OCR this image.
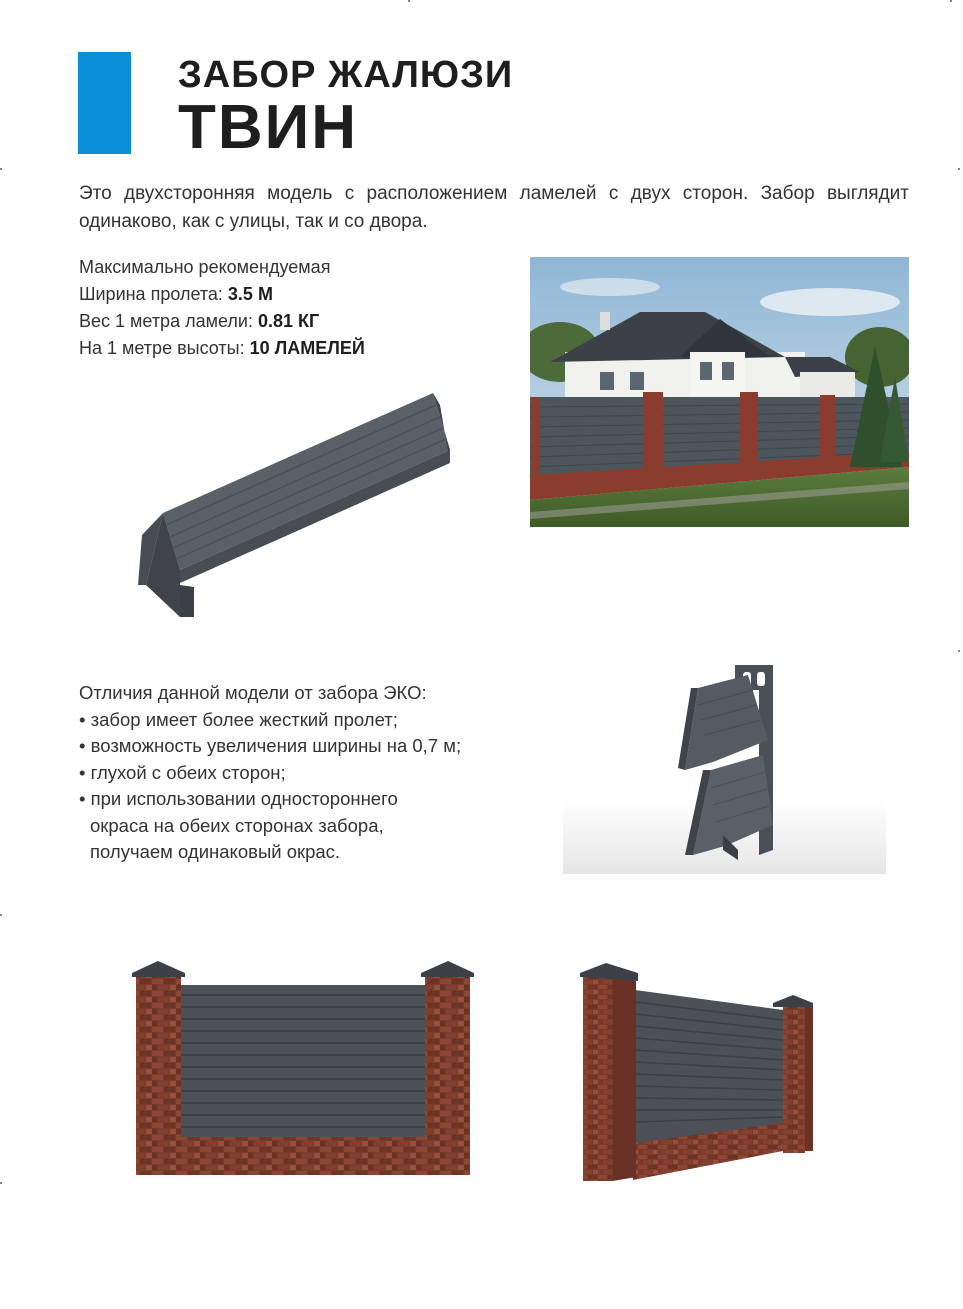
ЗАБОР ЖАЛЮЗИ
ТВИН

Это двухсторонняя модель с расположением ламелей с двух сторон. Забор выглядит одинаково, как с улицы, так и со двора.

Максимально рекомендуемая
Ширина пролета: 3.5 М
Вес 1 метра ламели: 0.81 КГ
На 1 метре высоты: 10 ЛАМЕЛЕЙ
Отличия данной модели от забора ЭКО:
• забор имеет более жесткий пролет;
• возможность увеличения ширины на 0,7 м;
• глухой с обеих сторон;
• при использовании одностороннего
окраса на обеих сторонах забора,
получаем одинаковый окрас.
